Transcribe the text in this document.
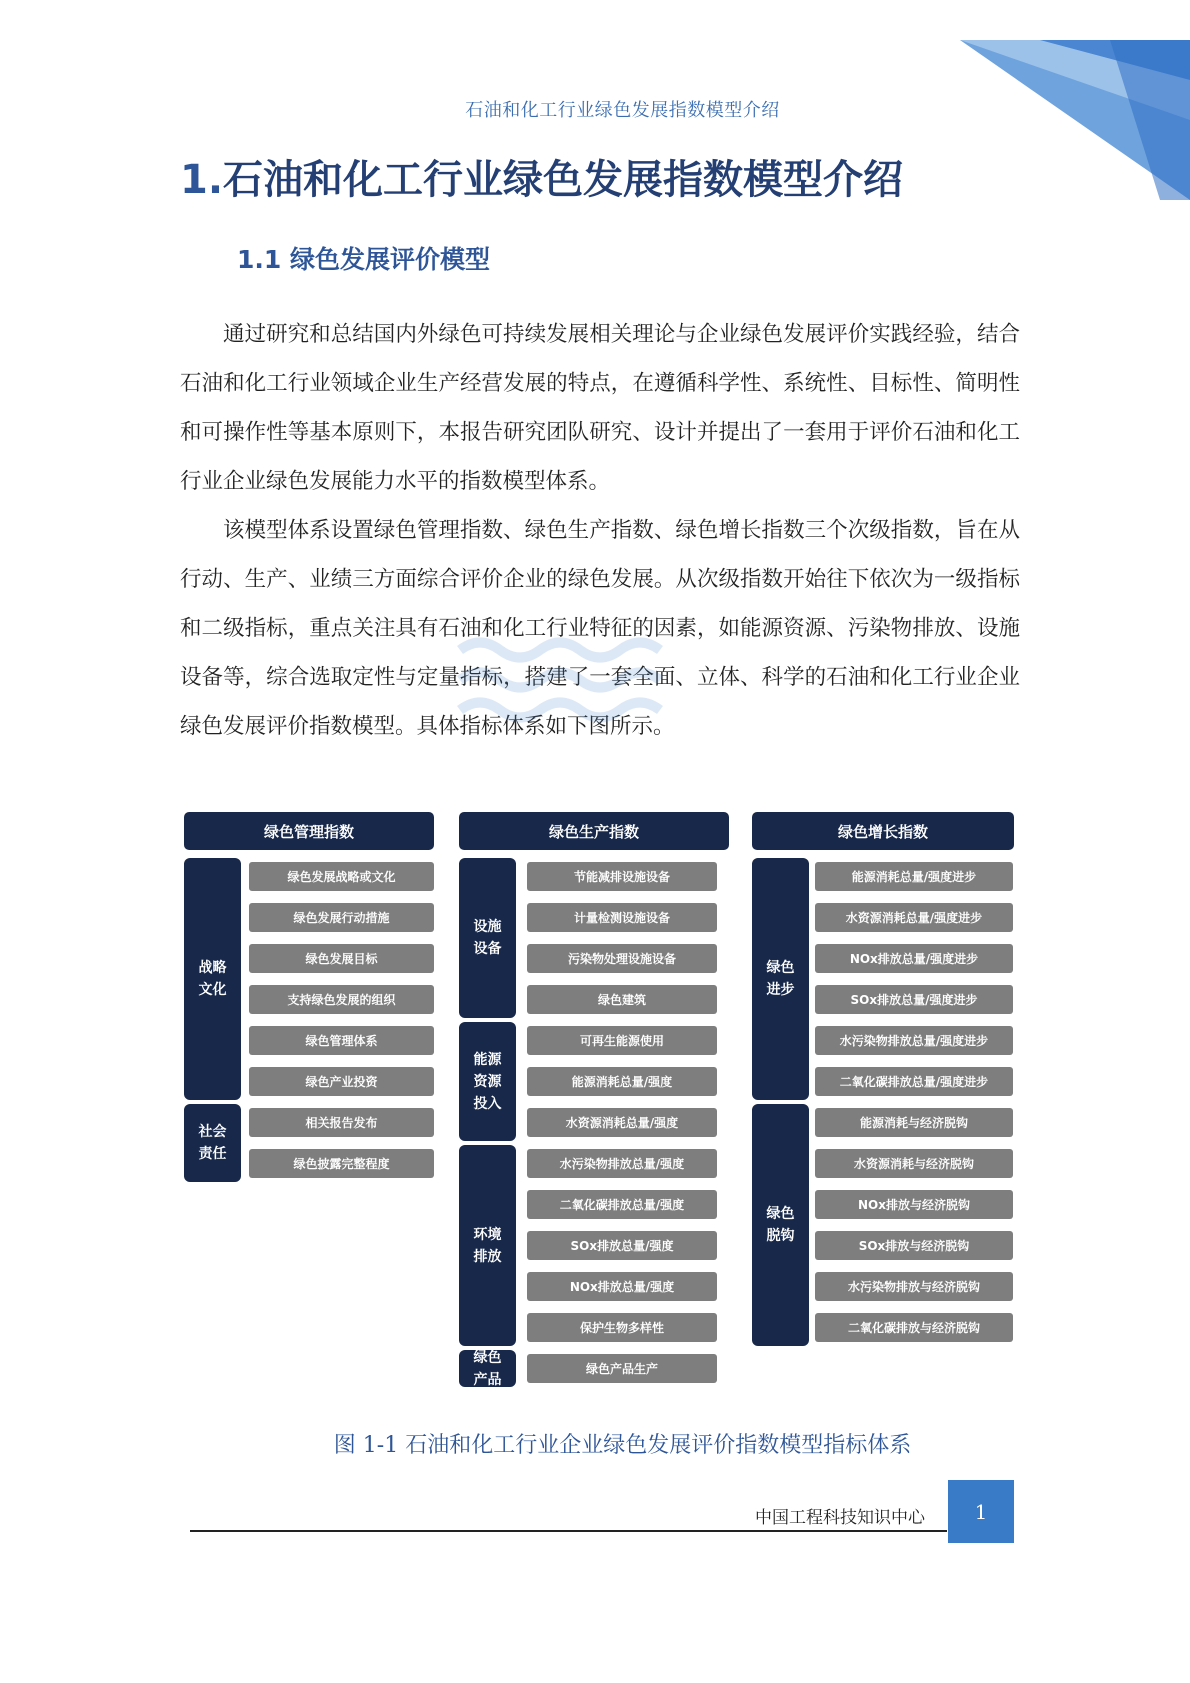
石油和化工行业绿色发展指数模型介绍
1.石油和化工行业绿色发展指数模型介绍
1.1 绿色发展评价模型

通过研究和总结国内外绿色可持续发展相关理论与企业绿色发展评价实践经验，结合石油和化工行业领域企业生产经营发展的特点，在遵循科学性、系统性、目标性、简明性和可操作性等基本原则下，本报告研究团队研究、设计并提出了一套用于评价石油和化工行业企业绿色发展能力水平的指数模型体系。

该模型体系设置绿色管理指数、绿色生产指数、绿色增长指数三个次级指数，旨在从行动、生产、业绩三方面综合评价企业的绿色发展。从次级指数开始往下依次为一级指标和二级指标，重点关注具有石油和化工行业特征的因素，如能源资源、污染物排放、设施设备等，综合选取定性与定量指标，搭建了一套全面、立体、科学的石油和化工行业企业绿色发展评价指数模型。具体指标体系如下图所示。

绿色管理指数
战略文化
绿色发展战略或文化
绿色发展行动措施
绿色发展目标
支持绿色发展的组织
绿色管理体系
绿色产业投资
社会责任
相关报告发布
绿色披露完整程度
绿色生产指数
设施设备
节能减排设施设备
计量检测设施设备
污染物处理设施设备
绿色建筑
能源资源投入
可再生能源使用
能源消耗总量/强度
水资源消耗总量/强度
环境排放
水污染物排放总量/强度
二氧化碳排放总量/强度
SOx排放总量/强度
NOx排放总量/强度
保护生物多样性
绿色产品
绿色产品生产
绿色增长指数
绿色进步
能源消耗总量/强度进步
水资源消耗总量/强度进步
NOx排放总量/强度进步
SOx排放总量/强度进步
水污染物排放总量/强度进步
二氧化碳排放总量/强度进步
绿色脱钩
能源消耗与经济脱钩
水资源消耗与经济脱钩
NOx排放与经济脱钩
SOx排放与经济脱钩
水污染物排放与经济脱钩
二氧化碳排放与经济脱钩
图 1-1 石油和化工行业企业绿色发展评价指数模型指标体系
中国工程科技知识中心	1
